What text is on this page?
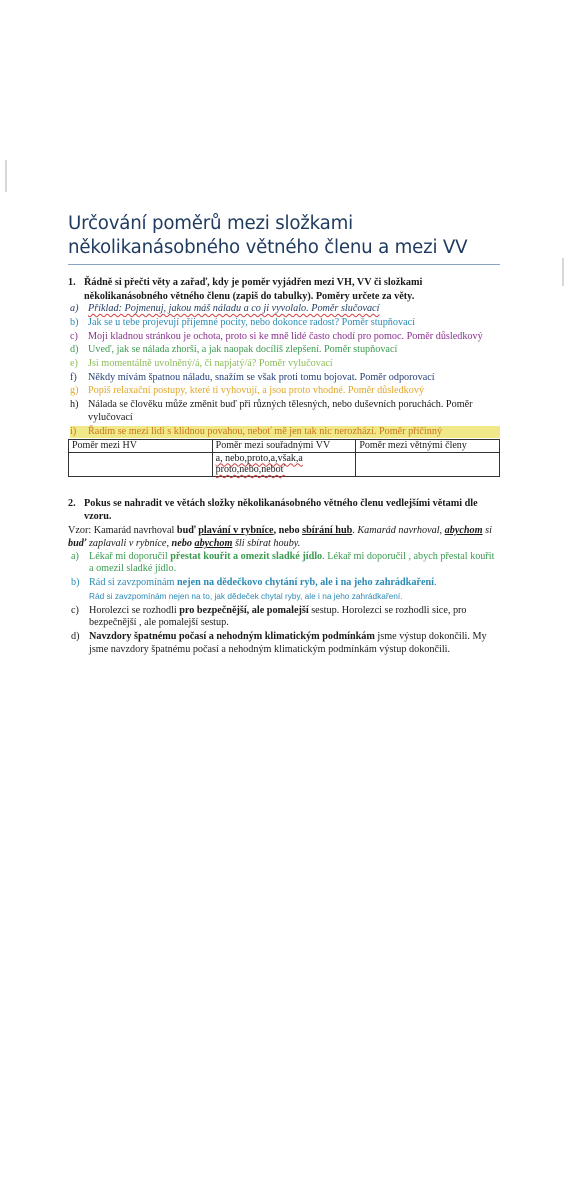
Určování poměrů mezi složkami
několikanásobného větného členu a mezi VV
1. Řádně si přečti věty a zařaď, kdy je poměr vyjádřen mezi VH, VV či složkami několikanásobného větného členu (zapiš do tabulky). Poměry určete za věty.
a) Příklad: Pojmenuj, jakou máš náladu a co ji vyvolalo. Poměr slučovací
b) Jak se u tebe projevují příjemné pocity, nebo dokonce radost? Poměr stupňovací
c) Moji kladnou stránkou je ochota, proto si ke mně lidé často chodí pro pomoc. Poměr důsledkový
d) Uveď, jak se nálada zhorší, a jak naopak docílíš zlepšení. Poměr stupňovací
e) Jsi momentálně uvolněný/á, či napjatý/á? Poměr vylučovací
f)	Někdy mívám špatnou náladu, snažím se však proti tomu bojovat. Poměr odporovací
g) Popiš relaxační postupy, které ti vyhovují, a jsou proto vhodné. Poměr důsledkový
h) Nálada se člověku může změnit buď při různých tělesných, nebo duševních poruchách. Poměr vylučovací
i)	Řadím se mezi lidi s klidnou povahou, neboť mě jen tak nic nerozhází. Poměr příčinný
Poměr mezi HV	Poměr mezi souřadnými VV	Poměr mezi větnými členy
	a, nebo,proto,a,však,a proto,nebo,neboť	
2. Pokus se nahradit ve větách složky několikanásobného větného členu vedlejšími větami dle vzoru.
Vzor: Kamarád navrhoval buď plavání v rybníce, nebo sbírání hub. Kamarád navrhoval, abychom si buď zaplavali v rybníce, nebo abychom šli sbírat houby.
a) Lékař mi doporučil přestat kouřit a omezit sladké jídlo. Lékař mi doporučil , abych přestal kouřit a omezil sladké jídlo.
b) Rád si zavzpomínám nejen na dědečkovo chytání ryb, ale i na jeho zahrádkaření.
Rád si zavzpomínám nejen na to, jak dědeček chytal ryby, ale i na jeho zahrádkaření.
c) Horolezci se rozhodli pro bezpečnější, ale pomalejší sestup. Horolezci se rozhodli sice, pro bezpečnější , ale pomalejší sestup.
d) Navzdory špatnému počasí a nehodným klimatickým podmínkám jsme výstup dokončili. My jsme navzdory špatnému počasí a nehodným klimatickým podmínkám výstup dokončili.
